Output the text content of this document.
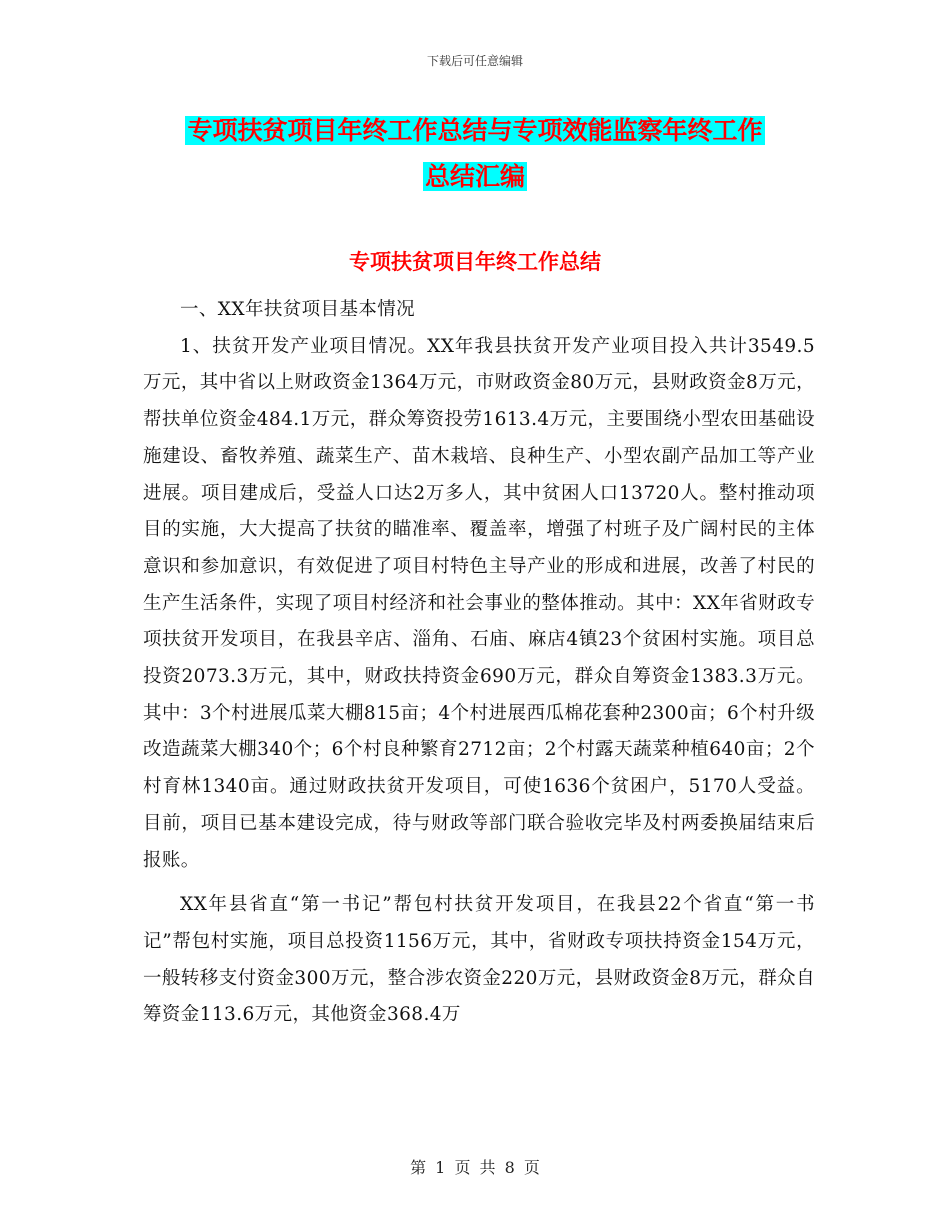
下载后可任意编辑
专项扶贫项目年终工作总结与专项效能监察年终工作
总结汇编
专项扶贫项目年终工作总结

一、XX年扶贫项目基本情况

1、扶贫开发产业项目情况。XX年我县扶贫开发产业项目投入共计3549.5万元，其中省以上财政资金1364万元，市财政资金80万元，县财政资金8万元，帮扶单位资金484.1万元，群众筹资投劳1613.4万元，主要围绕小型农田基础设施建设、畜牧养殖、蔬菜生产、苗木栽培、良种生产、小型农副产品加工等产业进展。项目建成后，受益人口达2万多人，其中贫困人口13720人。整村推动项目的实施，大大提高了扶贫的瞄准率、覆盖率，增强了村班子及广阔村民的主体意识和参加意识，有效促进了项目村特色主导产业的形成和进展，改善了村民的生产生活条件，实现了项目村经济和社会事业的整体推动。其中：XX年省财政专项扶贫开发项目，在我县辛店、淄角、石庙、麻店4镇23个贫困村实施。项目总投资2073.3万元，其中，财政扶持资金690万元，群众自筹资金1383.3万元。其中：3个村进展瓜菜大棚815亩；4个村进展西瓜棉花套种2300亩；6个村升级改造蔬菜大棚340个；6个村良种繁育2712亩；2个村露天蔬菜种植640亩；2个村育林1340亩。通过财政扶贫开发项目，可使1636个贫困户，5170人受益。目前，项目已基本建设完成，待与财政等部门联合验收完毕及村两委换届结束后报账。

XX年县省直“第一书记”帮包村扶贫开发项目，在我县22个省直“第一书记”帮包村实施，项目总投资1156万元，其中，省财政专项扶持资金154万元，一般转移支付资金300万元，整合涉农资金220万元，县财政资金8万元，群众自筹资金113.6万元，其他资金368.4万

第 1 页 共 8 页
